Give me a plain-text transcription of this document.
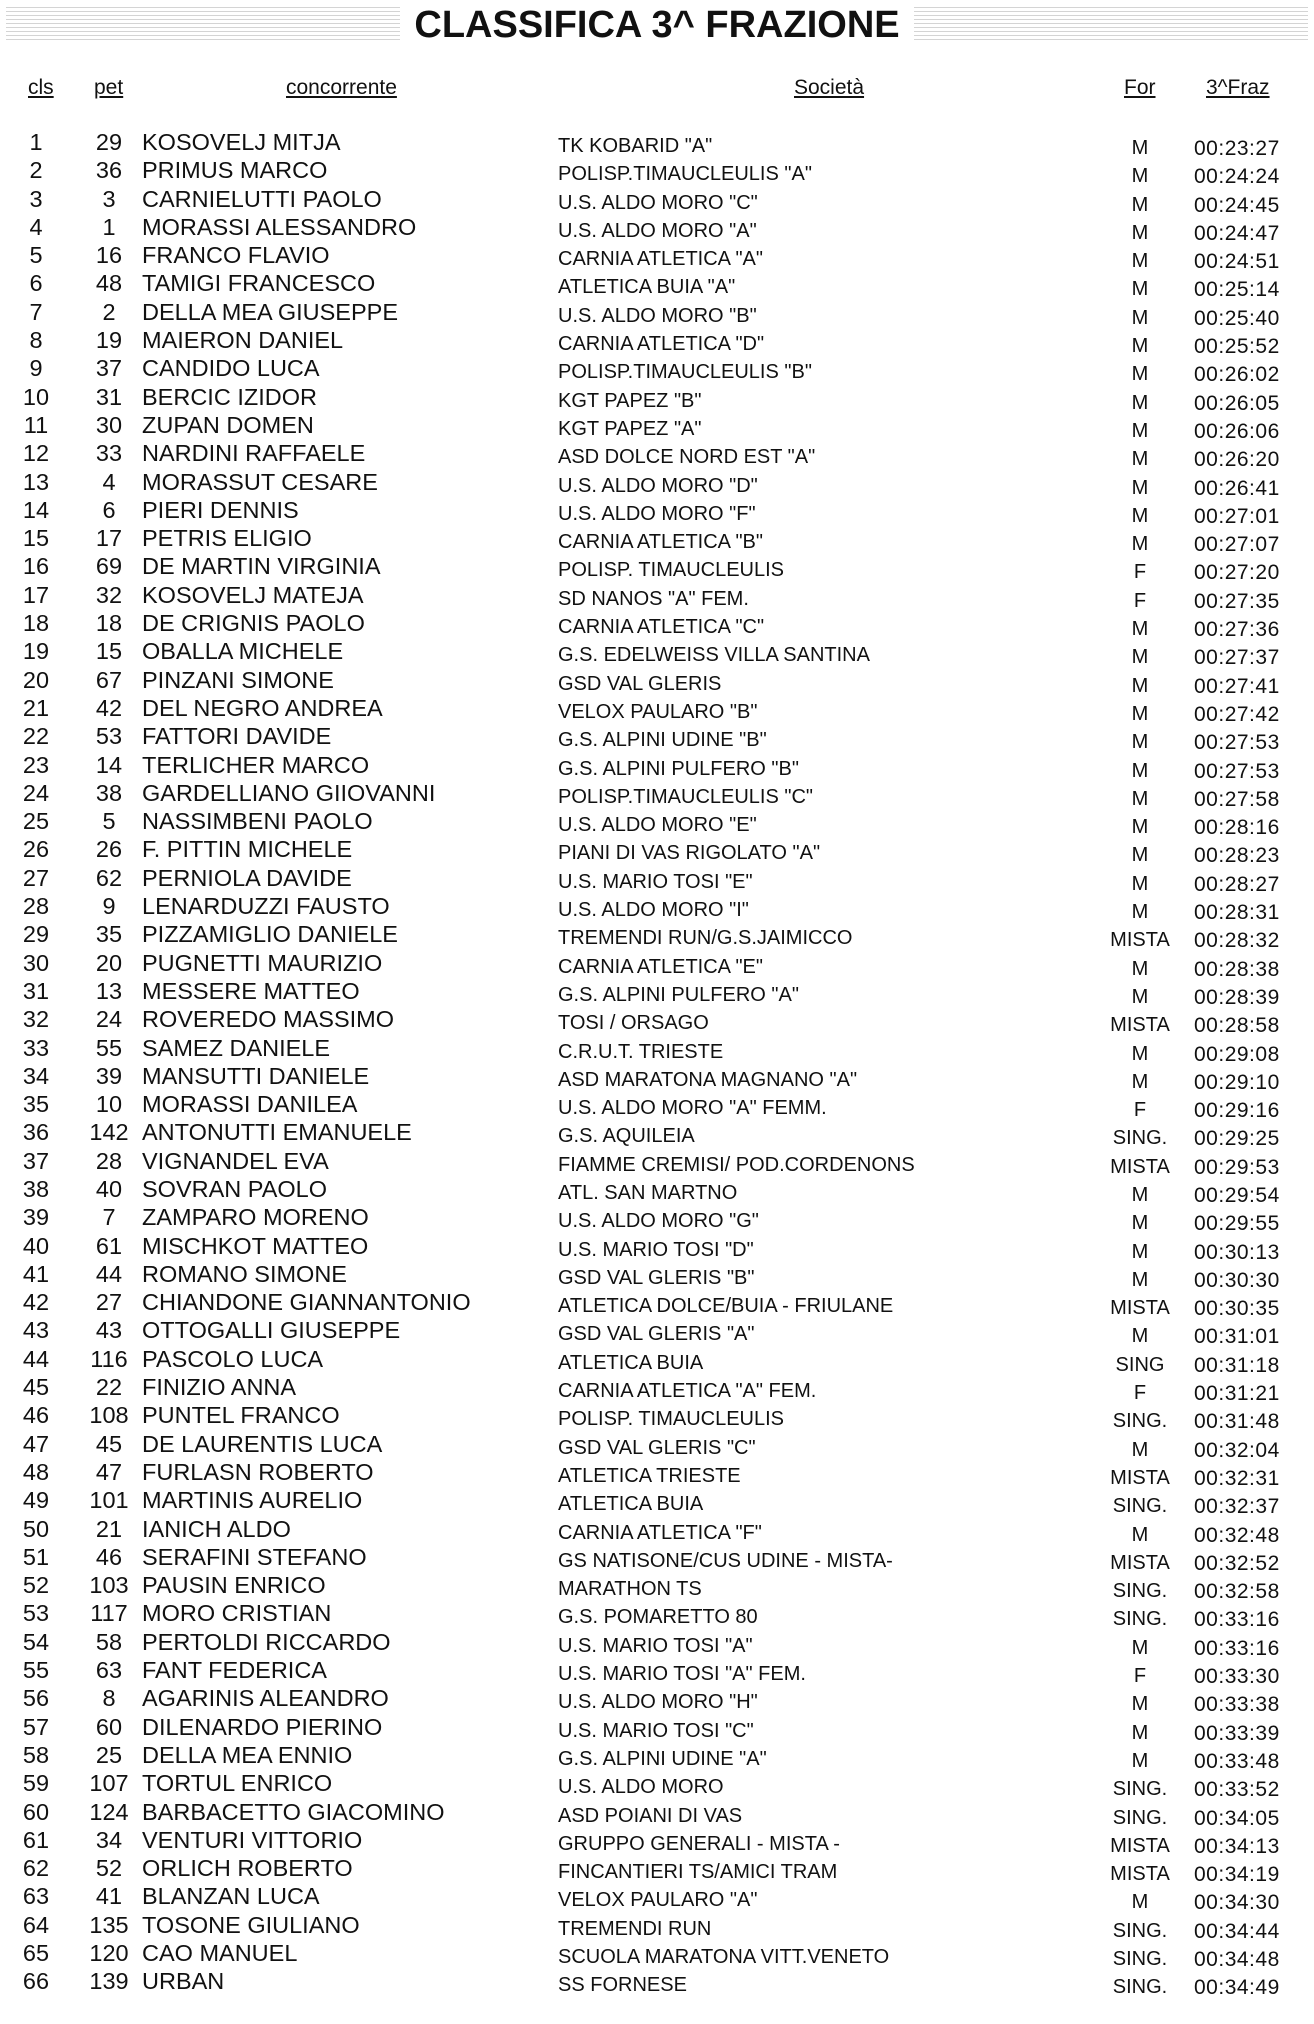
CLASSIFICA 3^ FRAZIONE
cls pet	concorrente	Società	For 3^Fraz
1	29 KOSOVELJ MITJA	TK KOBARID "A"	M	00:23:27
2	36 PRIMUS MARCO	POLISP.TIMAUCLEULIS "A"	M	00:24:24
3	3	CARNIELUTTI PAOLO	U.S. ALDO MORO "C"	M	00:24:45
4	1	MORASSI ALESSANDRO	U.S. ALDO MORO "A"	M	00:24:47
5	16 FRANCO FLAVIO	CARNIA ATLETICA "A"	M	00:24:51
6	48 TAMIGI FRANCESCO	ATLETICA BUIA "A"	M	00:25:14
7	2	DELLA MEA GIUSEPPE	U.S. ALDO MORO "B"	M	00:25:40
8	19 MAIERON DANIEL	CARNIA ATLETICA "D"	M	00:25:52
9	37 CANDIDO LUCA	POLISP.TIMAUCLEULIS "B"	M	00:26:02
10	31 BERCIC IZIDOR	KGT PAPEZ "B"	M	00:26:05
11	30 ZUPAN DOMEN	KGT PAPEZ "A"	M	00:26:06
12	33 NARDINI RAFFAELE	ASD DOLCE NORD EST "A"	M	00:26:20
13	4	MORASSUT CESARE	U.S. ALDO MORO "D"	M	00:26:41
14	6	PIERI DENNIS	U.S. ALDO MORO "F"	M	00:27:01
15	17 PETRIS ELIGIO	CARNIA ATLETICA "B"	M	00:27:07
16	69 DE MARTIN VIRGINIA	POLISP. TIMAUCLEULIS	F	00:27:20
17	32 KOSOVELJ MATEJA	SD NANOS "A" FEM.	F	00:27:35
18	18 DE CRIGNIS PAOLO	CARNIA ATLETICA "C"	M	00:27:36
19	15 OBALLA MICHELE	G.S. EDELWEISS VILLA SANTINA	M	00:27:37
20	67 PINZANI SIMONE	GSD VAL GLERIS	M	00:27:41
21	42 DEL NEGRO ANDREA	VELOX PAULARO "B"	M	00:27:42
22	53 FATTORI DAVIDE	G.S. ALPINI UDINE "B"	M	00:27:53
23	14 TERLICHER MARCO	G.S. ALPINI PULFERO "B"	M	00:27:53
24	38 GARDELLIANO GIIOVANNI	POLISP.TIMAUCLEULIS "C"	M	00:27:58
25	5	NASSIMBENI PAOLO	U.S. ALDO MORO "E"	M	00:28:16
26	26 F. PITTIN MICHELE	PIANI DI VAS RIGOLATO "A"	M	00:28:23
27	62 PERNIOLA DAVIDE	U.S. MARIO TOSI "E"	M	00:28:27
28	9	LENARDUZZI FAUSTO	U.S. ALDO MORO "I"	M	00:28:31
29	35 PIZZAMIGLIO DANIELE	TREMENDI RUN/G.S.JAIMICCO	MISTA	00:28:32
30	20 PUGNETTI MAURIZIO	CARNIA ATLETICA "E"	M	00:28:38
31	13 MESSERE MATTEO	G.S. ALPINI PULFERO "A"	M	00:28:39
32	24 ROVEREDO MASSIMO	TOSI / ORSAGO	MISTA	00:28:58
33	55 SAMEZ DANIELE	C.R.U.T. TRIESTE	M	00:29:08
34	39 MANSUTTI DANIELE	ASD MARATONA MAGNANO "A"	M	00:29:10
35	10 MORASSI DANILEA	U.S. ALDO MORO "A" FEMM.	F	00:29:16
36	142 ANTONUTTI EMANUELE	G.S. AQUILEIA	SING.	00:29:25
37	28 VIGNANDEL EVA	FIAMME CREMISI/ POD.CORDENONS	MISTA	00:29:53
38	40 SOVRAN PAOLO	ATL. SAN MARTNO	M	00:29:54
39	7	ZAMPARO MORENO	U.S. ALDO MORO "G"	M	00:29:55
40	61 MISCHKOT MATTEO	U.S. MARIO TOSI "D"	M	00:30:13
41	44 ROMANO SIMONE	GSD VAL GLERIS "B"	M	00:30:30
42	27 CHIANDONE GIANNANTONIO	ATLETICA DOLCE/BUIA - FRIULANE	MISTA	00:30:35
43	43 OTTOGALLI GIUSEPPE	GSD VAL GLERIS "A"	M	00:31:01
44	116 PASCOLO LUCA	ATLETICA BUIA	SING	00:31:18
45	22 FINIZIO ANNA	CARNIA ATLETICA "A" FEM.	F	00:31:21
46	108 PUNTEL FRANCO	POLISP. TIMAUCLEULIS	SING.	00:31:48
47	45 DE LAURENTIS LUCA	GSD VAL GLERIS "C"	M	00:32:04
48	47 FURLASN ROBERTO	ATLETICA TRIESTE	MISTA	00:32:31
49	101 MARTINIS AURELIO	ATLETICA BUIA	SING.	00:32:37
50	21 IANICH ALDO	CARNIA ATLETICA "F"	M	00:32:48
51	46 SERAFINI STEFANO	GS NATISONE/CUS UDINE - MISTA-	MISTA	00:32:52
52	103 PAUSIN ENRICO	MARATHON TS	SING.	00:32:58
53	117 MORO CRISTIAN	G.S. POMARETTO 80	SING.	00:33:16
54	58 PERTOLDI RICCARDO	U.S. MARIO TOSI "A"	M	00:33:16
55	63 FANT FEDERICA	U.S. MARIO TOSI "A" FEM.	F	00:33:30
56	8	AGARINIS ALEANDRO	U.S. ALDO MORO "H"	M	00:33:38
57	60 DILENARDO PIERINO	U.S. MARIO TOSI "C"	M	00:33:39
58	25 DELLA MEA ENNIO	G.S. ALPINI UDINE "A"	M	00:33:48
59	107 TORTUL ENRICO	U.S. ALDO MORO	SING.	00:33:52
60	124 BARBACETTO GIACOMINO	ASD POIANI DI VAS	SING.	00:34:05
61	34 VENTURI VITTORIO	GRUPPO GENERALI - MISTA -	MISTA	00:34:13
62	52 ORLICH ROBERTO	FINCANTIERI TS/AMICI TRAM	MISTA	00:34:19
63	41 BLANZAN LUCA	VELOX PAULARO "A"	M	00:34:30
64	135 TOSONE GIULIANO	TREMENDI RUN	SING.	00:34:44
65	120 CAO MANUEL	SCUOLA MARATONA VITT.VENETO	SING.	00:34:48
66	139 URBAN	SS FORNESE	SING.	00:34:49
